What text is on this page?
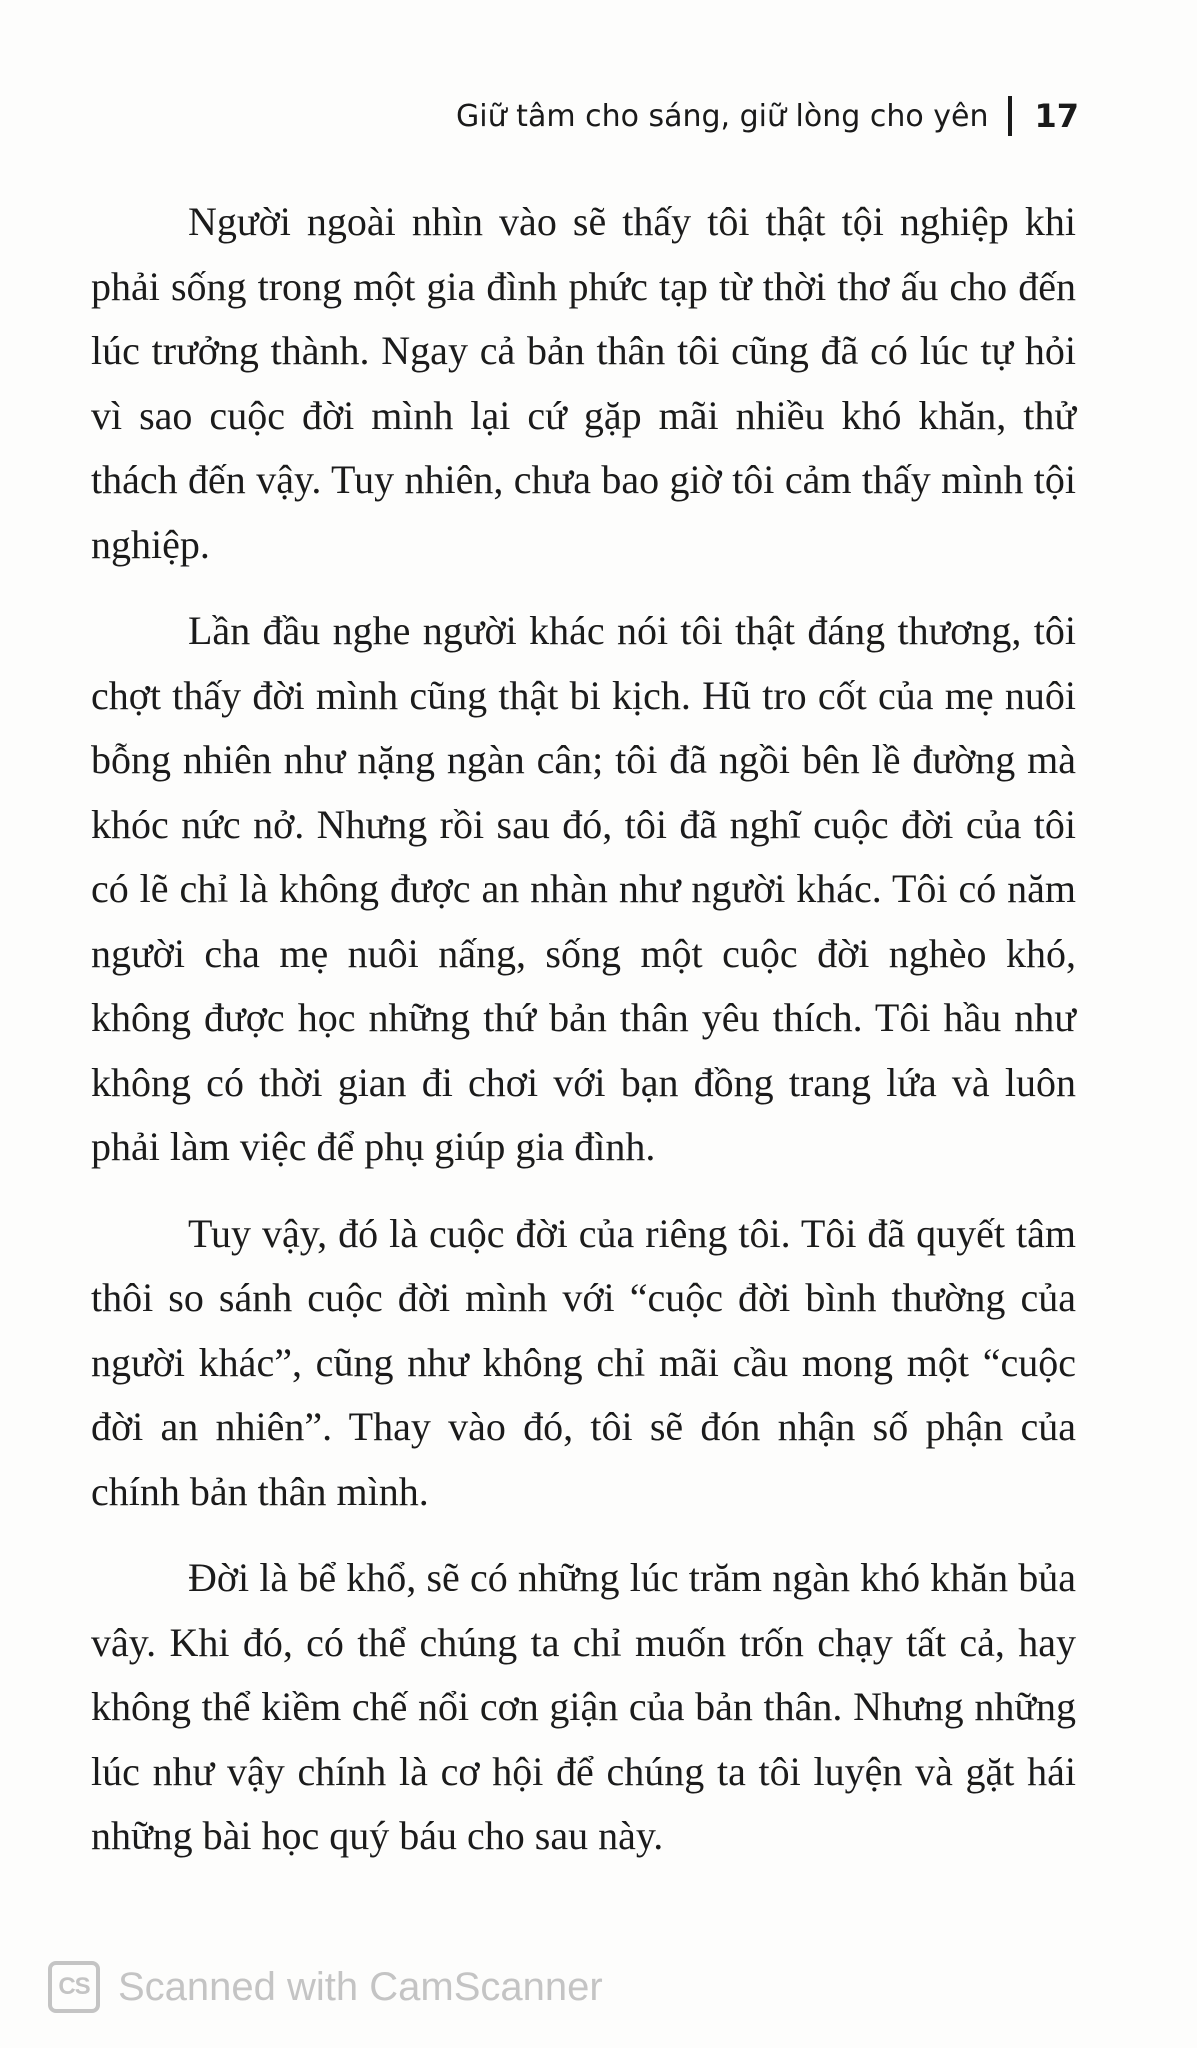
Giữ tâm cho sáng, giữ lòng cho yên 17

Người ngoài nhìn vào sẽ thấy tôi thật tội nghiệp khi phải sống trong một gia đình phức tạp từ thời thơ ấu cho đến lúc trưởng thành. Ngay cả bản thân tôi cũng đã có lúc tự hỏi vì sao cuộc đời mình lại cứ gặp mãi nhiều khó khăn, thử thách đến vậy. Tuy nhiên, chưa bao giờ tôi cảm thấy mình tội nghiệp.

Lần đầu nghe người khác nói tôi thật đáng thương, tôi chợt thấy đời mình cũng thật bi kịch. Hũ tro cốt của mẹ nuôi bỗng nhiên như nặng ngàn cân; tôi đã ngồi bên lề đường mà khóc nức nở. Nhưng rồi sau đó, tôi đã nghĩ cuộc đời của tôi có lẽ chỉ là không được an nhàn như người khác. Tôi có năm người cha mẹ nuôi nấng, sống một cuộc đời nghèo khó, không được học những thứ bản thân yêu thích. Tôi hầu như không có thời gian đi chơi với bạn đồng trang lứa và luôn phải làm việc để phụ giúp gia đình.

Tuy vậy, đó là cuộc đời của riêng tôi. Tôi đã quyết tâm thôi so sánh cuộc đời mình với “cuộc đời bình thường của người khác”, cũng như không chỉ mãi cầu mong một “cuộc đời an nhiên”. Thay vào đó, tôi sẽ đón nhận số phận của chính bản thân mình.

Đời là bể khổ, sẽ có những lúc trăm ngàn khó khăn bủa vây. Khi đó, có thể chúng ta chỉ muốn trốn chạy tất cả, hay không thể kiềm chế nổi cơn giận của bản thân. Nhưng những lúc như vậy chính là cơ hội để chúng ta tôi luyện và gặt hái những bài học quý báu cho sau này.

CS Scanned with CamScanner
